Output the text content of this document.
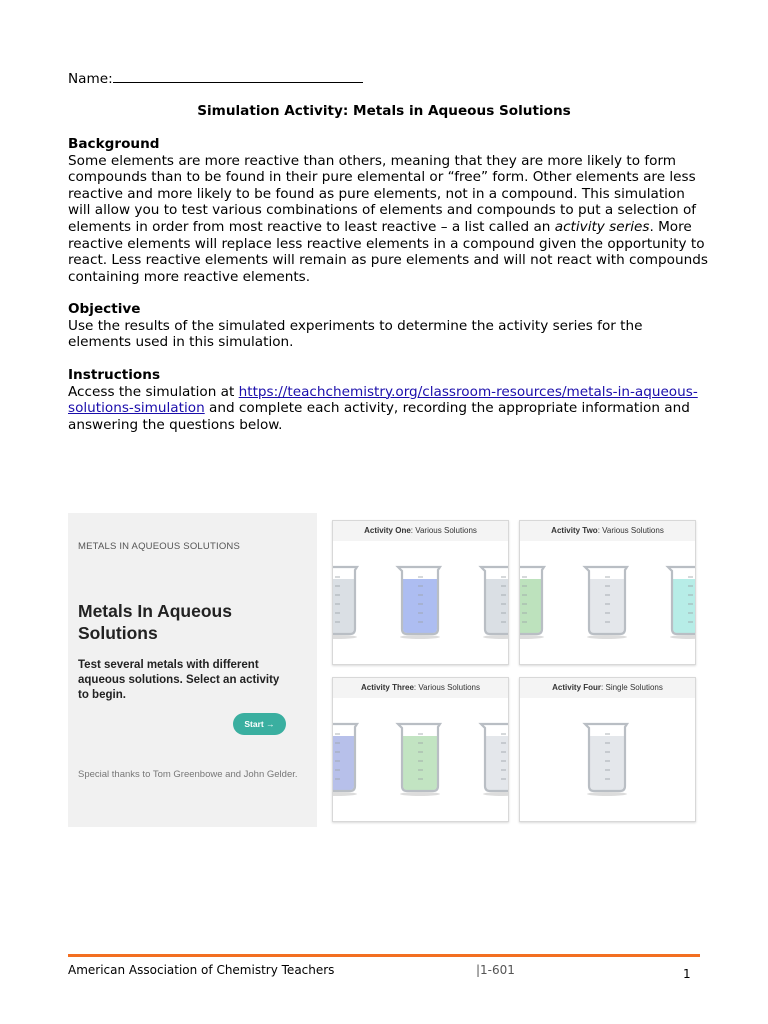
Name:
Simulation Activity: Metals in Aqueous Solutions
Background
Some elements are more reactive than others, meaning that they are more likely to form compounds than to be found in their pure elemental or “free” form. Other elements are less reactive and more likely to be found as pure elements, not in a compound. This simulation will allow you to test various combinations of elements and compounds to put a selection of elements in order from most reactive to least reactive – a list called an activity series. More reactive elements will replace less reactive elements in a compound given the opportunity to react. Less reactive elements will remain as pure elements and will not react with compounds containing more reactive elements.
Objective
Use the results of the simulated experiments to determine the activity series for the elements used in this simulation.
Instructions
Access the simulation at https://teachchemistry.org/classroom-resources/metals-in-aqueous-solutions-simulation and complete each activity, recording the appropriate information and answering the questions below.
METALS IN AQUEOUS SOLUTIONS
Metals In Aqueous Solutions
Test several metals with different aqueous solutions. Select an activity to begin.
Start →
Special thanks to Tom Greenbowe and John Gelder.
Activity One: Various Solutions	Activity Two: Various Solutions
Activity Three: Various Solutions	Activity Four: Single Solutions
American Association of Chemistry Teachers	|1-601	1
